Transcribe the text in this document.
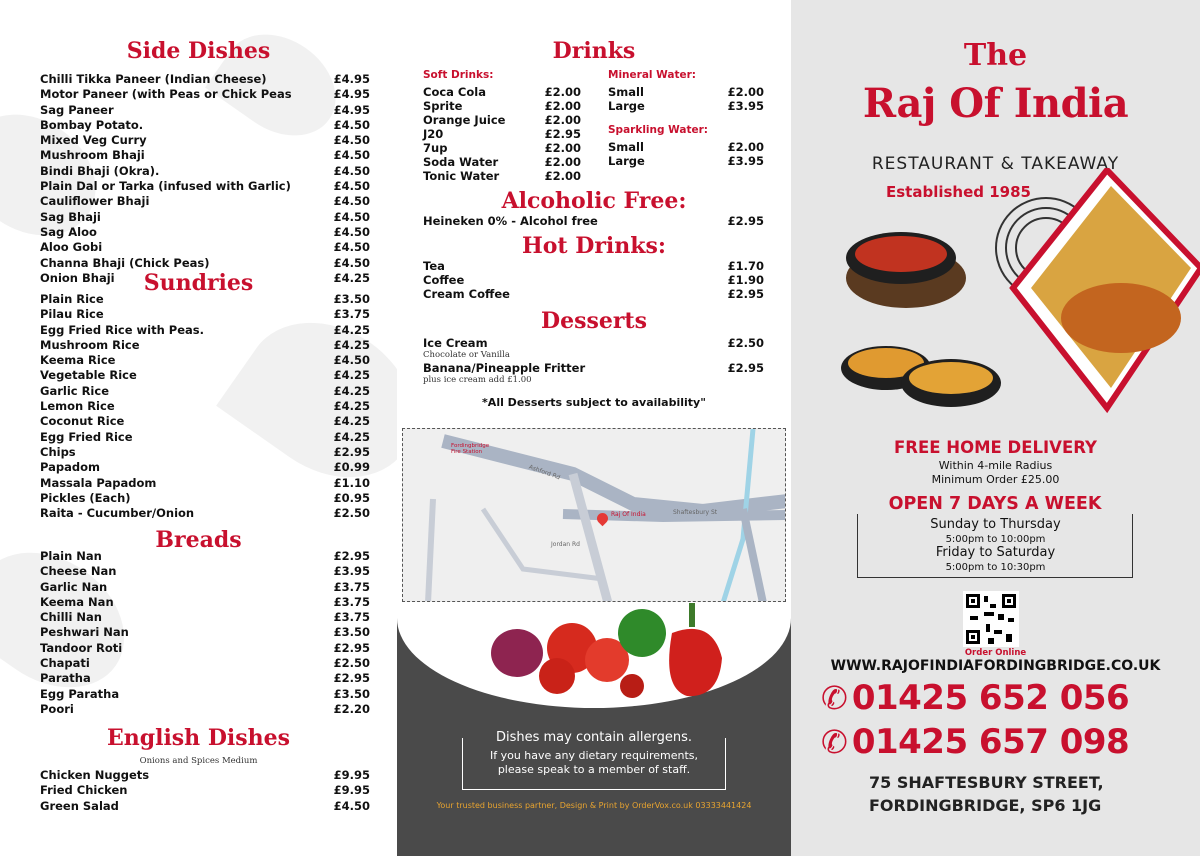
Side Dishes
Chilli Tikka Paneer (Indian Cheese)	£4.95
Motor Paneer (with Peas or Chick Peas	£4.95
Sag Paneer	£4.95
Bombay Potato.	£4.50
Mixed Veg Curry	£4.50
Mushroom Bhaji	£4.50
Bindi Bhaji (Okra).	£4.50
Plain Dal or Tarka (infused with Garlic)	£4.50
Cauliflower Bhaji	£4.50
Sag Bhaji	£4.50
Sag Aloo	£4.50
Aloo Gobi	£4.50
Channa Bhaji (Chick Peas)	£4.50
Onion Bhaji	£4.25
Sundries
Plain Rice	£3.50
Pilau Rice	£3.75
Egg Fried Rice with Peas.	£4.25
Mushroom Rice	£4.25
Keema Rice	£4.50
Vegetable Rice	£4.25
Garlic Rice	£4.25
Lemon Rice	£4.25
Coconut Rice	£4.25
Egg Fried Rice	£4.25
Chips	£2.95
Papadom	£0.99
Massala Papadom	£1.10
Pickles (Each)	£0.95
Raita - Cucumber/Onion	£2.50
Breads
Plain Nan	£2.95
Cheese Nan	£3.95
Garlic Nan	£3.75
Keema Nan	£3.75
Chilli Nan	£3.75
Peshwari Nan	£3.50
Tandoor Roti	£2.95
Chapati	£2.50
Paratha	£2.95
Egg Paratha	£3.50
Poori	£2.20
English Dishes
Onions and Spices Medium
Chicken Nuggets	£9.95
Fried Chicken	£9.95
Green Salad	£4.50
Drinks
Soft Drinks:
Coca Cola	£2.00
Sprite	£2.00
Orange Juice	£2.00
J20	£2.95
7up	£2.00
Soda Water	£2.00
Tonic Water	£2.00
Mineral Water:
Small	£2.00
Large	£3.95
Sparkling Water:
Small	£2.00
Large	£3.95
Alcoholic Free:
Heineken 0% - Alcohol free	£2.95
Hot Drinks:
Tea	£1.70
Coffee	£1.90
Cream Coffee	£2.95
Desserts
Ice Cream	£2.50
Chocolate or Vanilla
Banana/Pineapple Fritter	£2.95
plus ice cream add £1.00
*All Desserts subject to availability"
Raj Of India
Fordingbridge Fire Station
Ashford Rd
Shaftesbury St
Jordan Rd
Dishes may contain allergens.
If you have any dietary requirements, please speak to a member of staff.
Your trusted business partner, Design & Print by OrderVox.co.uk 03333441424
The
Raj Of India
RESTAURANT & TAKEAWAY
Established 1985
FREE HOME DELIVERY
Within 4-mile Radius
Minimum Order £25.00
OPEN 7 DAYS A WEEK
Sunday to Thursday
5:00pm to 10:00pm
Friday to Saturday
5:00pm to 10:30pm
Order Online
WWW.RAJOFINDIAFORDINGBRIDGE.CO.UK
✆ 01425 652 056
✆ 01425 657 098
75 SHAFTESBURY STREET,
FORDINGBRIDGE, SP6 1JG
